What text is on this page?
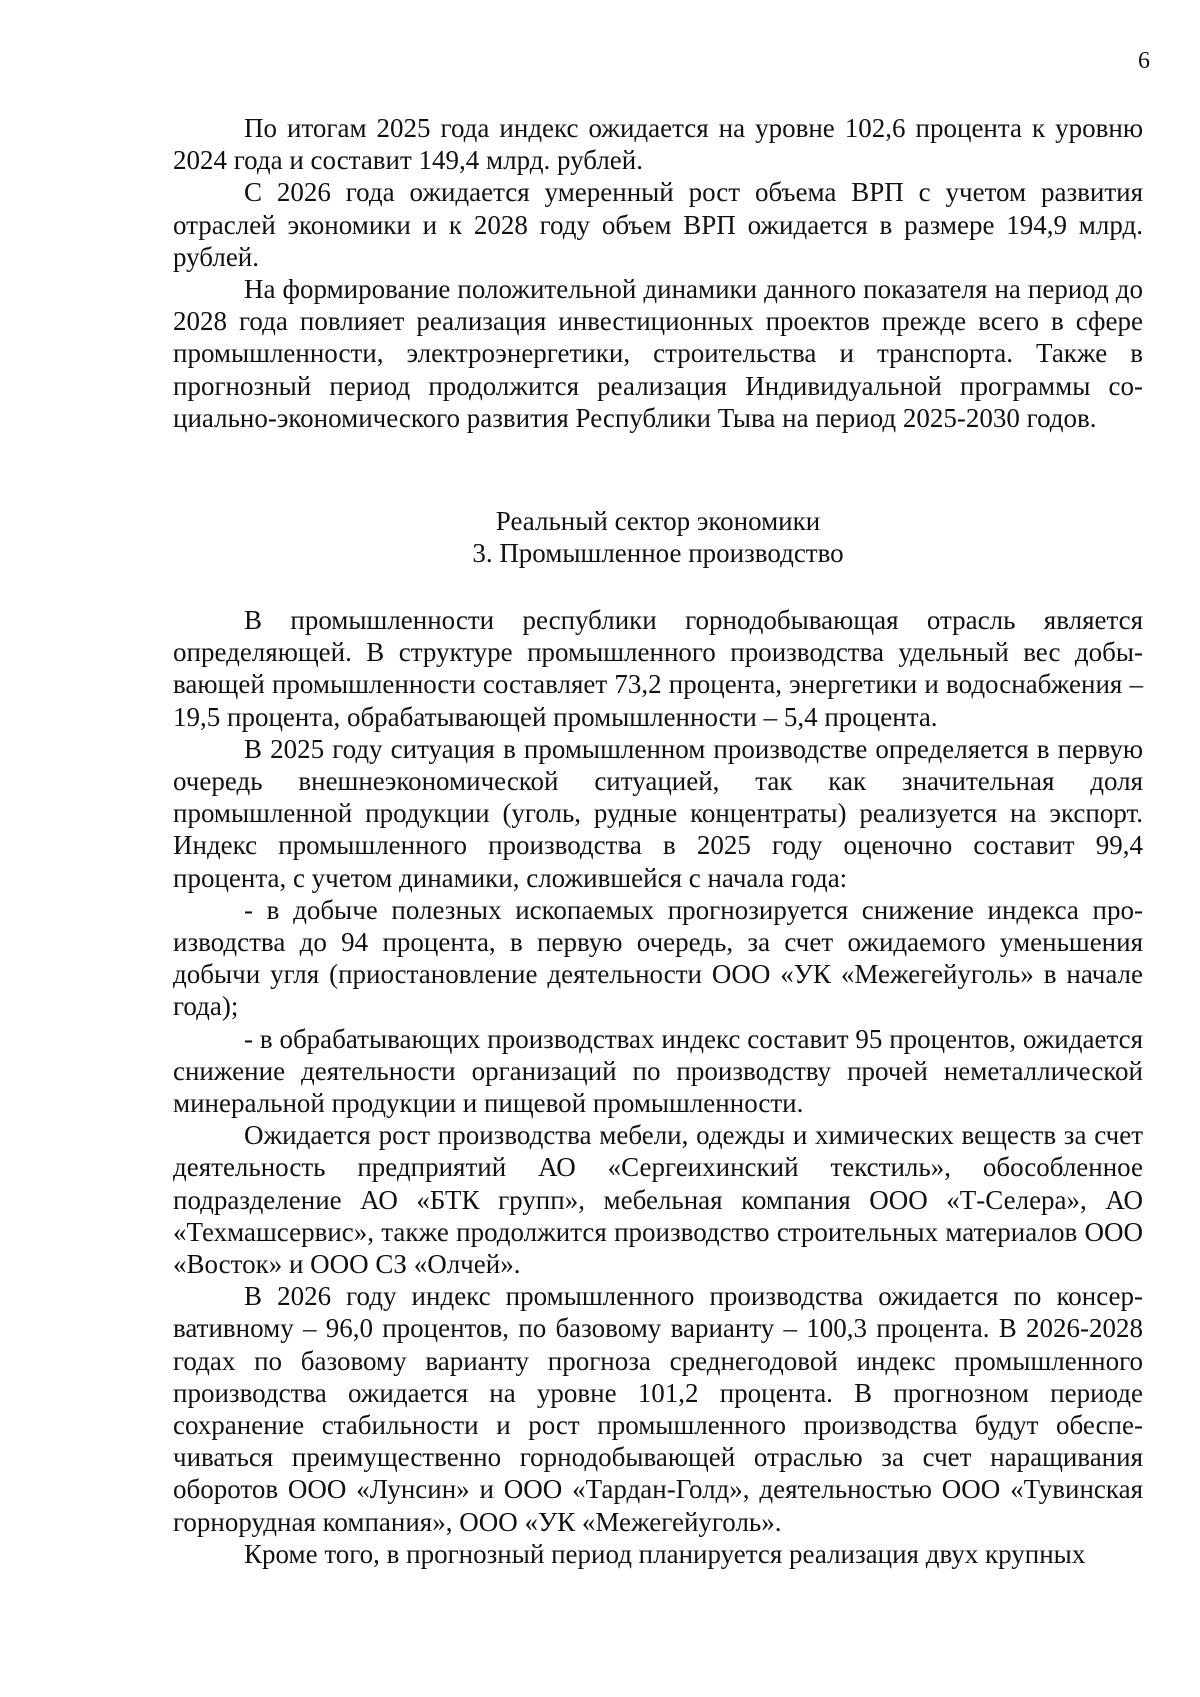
6

По итогам 2025 года индекс ожидается на уровне 102,6 процента к уровню 2024 года и составит 149,4 млрд. рублей.

С 2026 года ожидается умеренный рост объема ВРП с учетом развития отраслей экономики и к 2028 году объем ВРП ожидается в размере 194,9 млрд. рублей.

На формирование положительной динамики данного показателя на период до 2028 года повлияет реализация инвестиционных проектов прежде всего в сфере промышленности, электроэнергетики, строительства и транспорта. Также в прогнозный период продолжится реализация Индивидуальной программы социально-экономического развития Республики Тыва на период 2025-2030 годов.

Реальный сектор экономики
3. Промышленное производство

В промышленности республики горнодобывающая отрасль является определяющей. В структуре промышленного производства удельный вес добывающей промышленности составляет 73,2 процента, энергетики и водоснабжения – 19,5 процента, обрабатывающей промышленности – 5,4 процента.

В 2025 году ситуация в промышленном производстве определяется в первую очередь внешнеэкономической ситуацией, так как значительная доля промышленной продукции (уголь, рудные концентраты) реализуется на экспорт. Индекс промышленного производства в 2025 году оценочно составит 99,4 процента, с учетом динамики, сложившейся с начала года:

- в добыче полезных ископаемых прогнозируется снижение индекса производства до 94 процента, в первую очередь, за счет ожидаемого уменьшения добычи угля (приостановление деятельности ООО «УК «Межегейуголь» в начале года);

- в обрабатывающих производствах индекс составит 95 процентов, ожидается снижение деятельности организаций по производству прочей неметаллической минеральной продукции и пищевой промышленности.

Ожидается рост производства мебели, одежды и химических веществ за счет деятельность предприятий АО «Сергеихинский текстиль», обособленное подразделение АО «БТК групп», мебельная компания ООО «Т-Селера», АО «Техмашсервис», также продолжится производство строительных материалов ООО «Восток» и ООО СЗ «Олчей».

В 2026 году индекс промышленного производства ожидается по консервативному – 96,0 процентов, по базовому варианту – 100,3 процента. В 2026-2028 годах по базовому варианту прогноза среднегодовой индекс промышленного производства ожидается на уровне 101,2 процента. В прогнозном периоде сохранение стабильности и рост промышленного производства будут обеспечиваться преимущественно горнодобывающей отраслью за счет наращивания оборотов ООО «Лунсин» и ООО «Тардан-Голд», деятельностью ООО «Тувинская горнорудная компания», ООО «УК «Межегейуголь».

Кроме того, в прогнозный период планируется реализация двух крупных
